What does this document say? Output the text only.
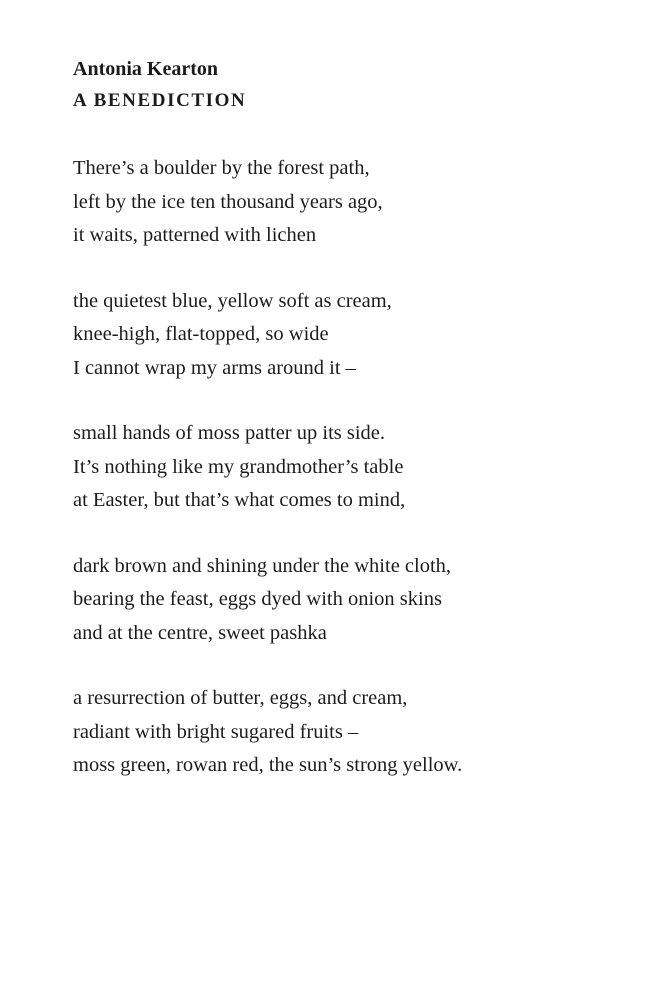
Antonia Kearton
A BENEDICTION
There’s a boulder by the forest path,
left by the ice ten thousand years ago,
it waits, patterned with lichen
the quietest blue, yellow soft as cream,
knee-high, flat-topped, so wide
I cannot wrap my arms around it –
small hands of moss patter up its side.
It’s nothing like my grandmother’s table
at Easter, but that’s what comes to mind,
dark brown and shining under the white cloth,
bearing the feast, eggs dyed with onion skins
and at the centre, sweet pashka
a resurrection of butter, eggs, and cream,
radiant with bright sugared fruits –
moss green, rowan red, the sun’s strong yellow.
